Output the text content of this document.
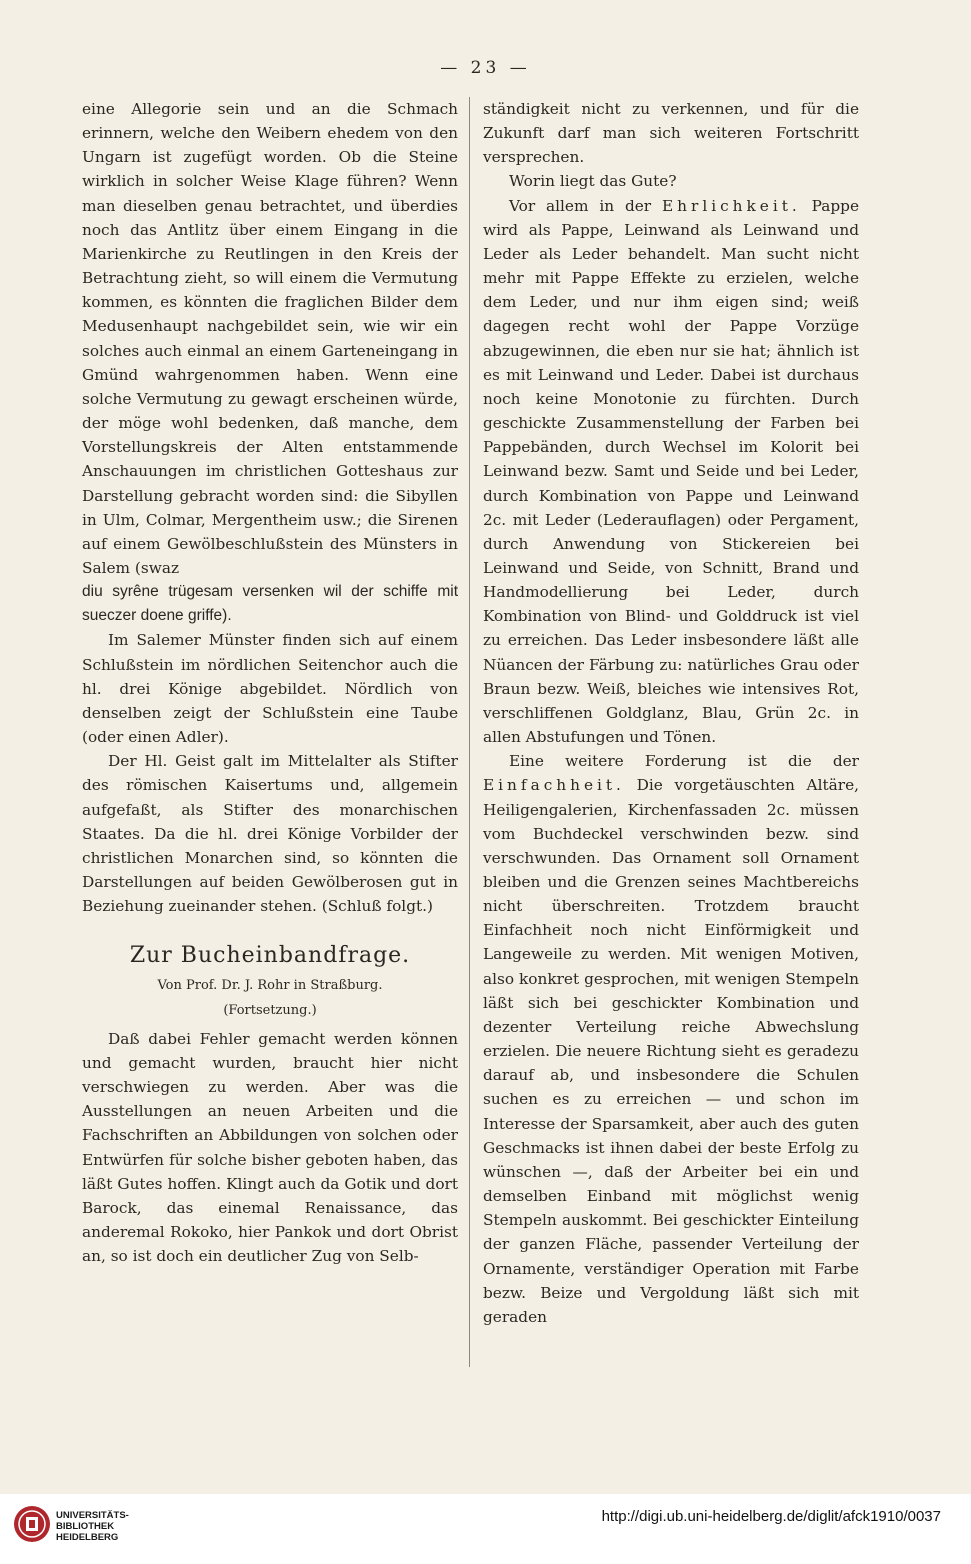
— 23 —

eine Allegorie sein und an die Schmach erinnern, welche den Weibern ehedem von den Ungarn ist zugefügt worden. Ob die Steine wirklich in solcher Weise Klage führen? Wenn man dieselben genau betrachtet, und überdies noch das Antlitz über einem Eingang in die Marienkirche zu Reutlingen in den Kreis der Betrachtung zieht, so will einem die Vermutung kommen, es könnten die fraglichen Bilder dem Medusenhaupt nachgebildet sein, wie wir ein solches auch einmal an einem Garteneingang in Gmünd wahrgenommen haben. Wenn eine solche Vermutung zu gewagt erscheinen würde, der möge wohl bedenken, daß manche, dem Vorstellungskreis der Alten entstammende Anschauungen im christlichen Gotteshaus zur Darstellung gebracht worden sind: die Sibyllen in Ulm, Colmar, Mergentheim usw.; die Sirenen auf einem Gewölbeschlußstein des Münsters in Salem (swaz

diu syrêne trügesam versenken wil der schiffe mit sueczer doene griffe).

Im Salemer Münster finden sich auf einem Schlußstein im nördlichen Seitenchor auch die hl. drei Könige abgebildet. Nördlich von denselben zeigt der Schlußstein eine Taube (oder einen Adler).

Der Hl. Geist galt im Mittelalter als Stifter des römischen Kaisertums und, allgemein aufgefaßt, als Stifter des monarchischen Staates. Da die hl. drei Könige Vorbilder der christlichen Monarchen sind, so könnten die Darstellungen auf beiden Gewölberosen gut in Beziehung zueinander stehen. (Schluß folgt.)

Zur Bucheinbandfrage.

Von Prof. Dr. J. Rohr in Straßburg.

(Fortsetzung.)

Daß dabei Fehler gemacht werden können und gemacht wurden, braucht hier nicht verschwiegen zu werden. Aber was die Ausstellungen an neuen Arbeiten und die Fachschriften an Abbildungen von solchen oder Entwürfen für solche bisher geboten haben, das läßt Gutes hoffen. Klingt auch da Gotik und dort Barock, das einemal Renaissance, das anderemal Rokoko, hier Pankok und dort Obrist an, so ist doch ein deutlicher Zug von Selb-

ständigkeit nicht zu verkennen, und für die Zukunft darf man sich weiteren Fortschritt versprechen.

Worin liegt das Gute?

Vor allem in der Ehrlichkeit. Pappe wird als Pappe, Leinwand als Leinwand und Leder als Leder behandelt. Man sucht nicht mehr mit Pappe Effekte zu erzielen, welche dem Leder, und nur ihm eigen sind; weiß dagegen recht wohl der Pappe Vorzüge abzugewinnen, die eben nur sie hat; ähnlich ist es mit Leinwand und Leder. Dabei ist durchaus noch keine Monotonie zu fürchten. Durch geschickte Zusammenstellung der Farben bei Pappebänden, durch Wechsel im Kolorit bei Leinwand bezw. Samt und Seide und bei Leder, durch Kombination von Pappe und Leinwand 2c. mit Leder (Lederauflagen) oder Pergament, durch Anwendung von Stickereien bei Leinwand und Seide, von Schnitt, Brand und Handmodellierung bei Leder, durch Kombination von Blind- und Golddruck ist viel zu erreichen. Das Leder insbesondere läßt alle Nüancen der Färbung zu: natürliches Grau oder Braun bezw. Weiß, bleiches wie intensives Rot, verschliffenen Goldglanz, Blau, Grün 2c. in allen Abstufungen und Tönen.

Eine weitere Forderung ist die der Einfachheit. Die vorgetäuschten Altäre, Heiligengalerien, Kirchenfassaden 2c. müssen vom Buchdeckel verschwinden bezw. sind verschwunden. Das Ornament soll Ornament bleiben und die Grenzen seines Machtbereichs nicht überschreiten. Trotzdem braucht Einfachheit noch nicht Einförmigkeit und Langeweile zu werden. Mit wenigen Motiven, also konkret gesprochen, mit wenigen Stempeln läßt sich bei geschickter Kombination und dezenter Verteilung reiche Abwechslung erzielen. Die neuere Richtung sieht es geradezu darauf ab, und insbesondere die Schulen suchen es zu erreichen — und schon im Interesse der Sparsamkeit, aber auch des guten Geschmacks ist ihnen dabei der beste Erfolg zu wünschen —, daß der Arbeiter bei ein und demselben Einband mit möglichst wenig Stempeln auskommt. Bei geschickter Einteilung der ganzen Fläche, passender Verteilung der Ornamente, verständiger Operation mit Farbe bezw. Beize und Vergoldung läßt sich mit geraden

UNIVERSITÄTS-
BIBLIOTHEK
HEIDELBERG
http://digi.ub.uni-heidelberg.de/diglit/afck1910/0037
